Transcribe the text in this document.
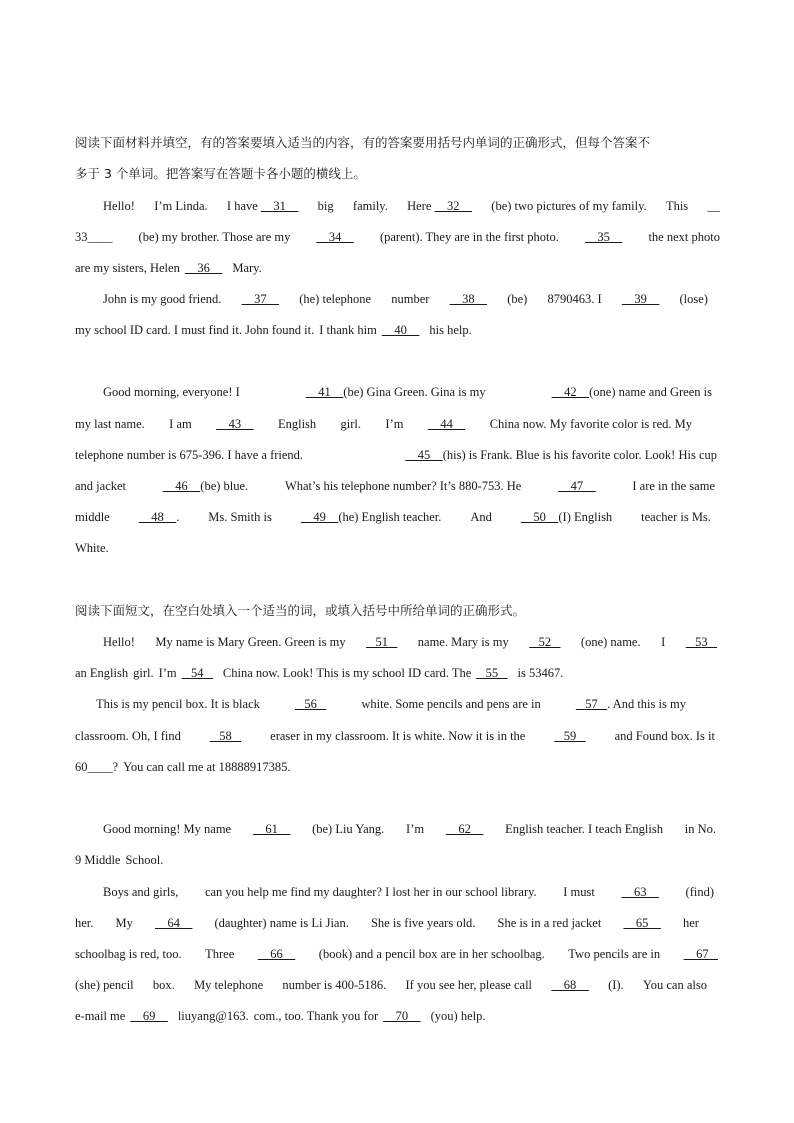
阅读下面材料并填空，有的答案要填入适当的内容，有的答案要用括号内单词的正确形式，但每个答案不
多于 3 个单词。把答案写在答题卡各小题的横线上。
Hello! I’m Linda. I have     31 big family. Here     32 (be) two pictures of my family. This __
33____ (be) my brother. Those are my 34 (parent). They are in the first photo. 35 the next photo
are my sisters, Helen 36 Mary.
John is my good friend. 37 (he) telephone number 38 (be) 8790463. I 39 (lose)
my school ID card. I must find it. John found it. I thank him 40 his help.
Good morning, everyone! I	41    (be) Gina Green. Gina is my	42    (one) name and Green is
my last name. I am 43 English girl. I’m 44 China now. My favorite color is red. My
telephone number is 675-396. I have a friend.	45    (his) is Frank. Blue is his favorite color. Look! His cup
and jacket	46    (be) blue.	What’s his telephone number? It’s 880-753. He	47	I are in the same
middle 48    . Ms. Smith is 49    (he) English teacher. And 50    (I) English teacher is Ms.
White.
阅读下面短文，在空白处填入一个适当的词，或填入括号中所给单词的正确形式。
Hello! My name is Mary Green. Green is my 51 name. Mary is my 52 (one) name. I 53
an English girl. I’m 54 China now. Look! This is my school ID card. The 55 is 53467.
This is my pencil box. It is black	56	white. Some pencils and pens are in	57   . And this is my
classroom. Oh, I find 58 eraser in my classroom. It is white. Now it is in the 59 and Found box. Is it
60____? You can call me at 18888917385.
Good morning! My name 61 (be) Liu Yang. I’m 62 English teacher. I teach English in No.
9 Middle School.
Boys and girls, can you help me find my daughter? I lost her in our school library. I must 63 (find)
her. My 64 (daughter) name is Li Jian. She is five years old. She is in a red jacket 65 her
schoolbag is red, too. Three 66 (book) and a pencil box are in her schoolbag. Two pencils are in 67
(she) pencil box. My telephone number is 400-5186. If you see her, please call 68 (I). You can also
e-mail me 69 liuyang@163. com., too. Thank you for 70 (you) help.
